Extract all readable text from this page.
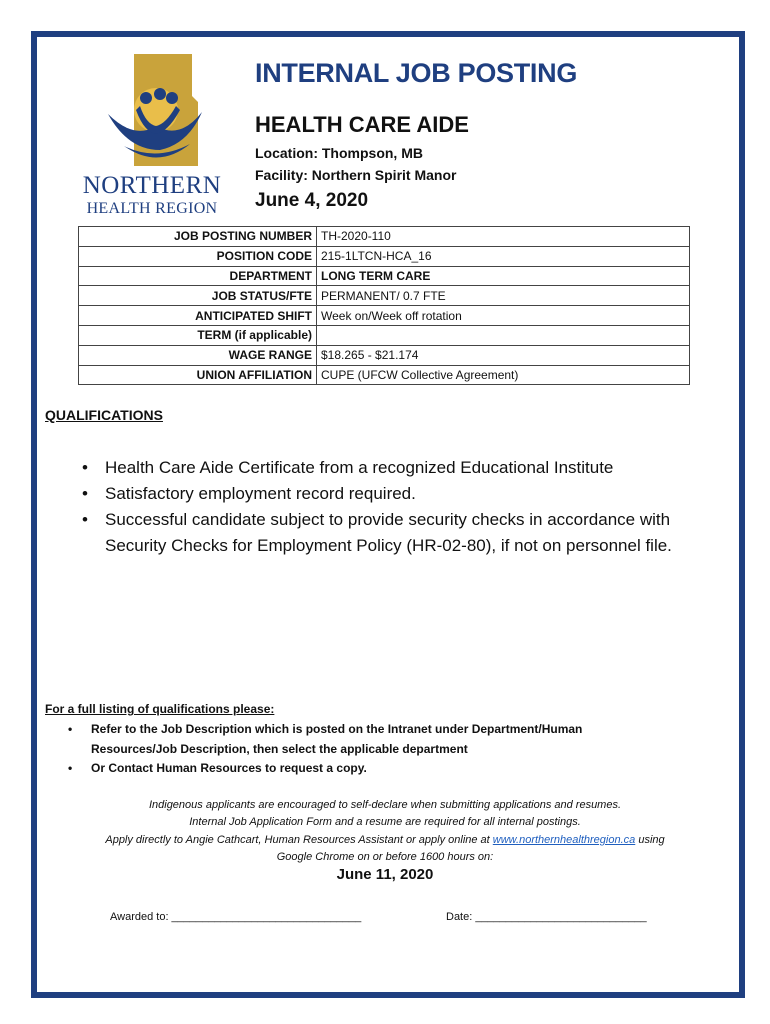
NORTHERN
HEALTH REGION
INTERNAL JOB POSTING
HEALTH CARE AIDE
Location: Thompson, MB
Facility: Northern Spirit Manor
June 4, 2020
JOB POSTING NUMBER	TH-2020-110
POSITION CODE	215-1LTCN-HCA_16
DEPARTMENT	LONG TERM CARE
JOB STATUS/FTE	PERMANENT/ 0.7 FTE
ANTICIPATED SHIFT	Week on/Week off rotation
TERM (if applicable)	
WAGE RANGE	$18.265 - $21.174
UNION AFFILIATION	CUPE (UFCW Collective Agreement)
QUALIFICATIONS
• Health Care Aide Certificate from a recognized Educational Institute
• Satisfactory employment record required.
• Successful candidate subject to provide security checks in accordance with Security Checks for Employment Policy (HR-02-80), if not on personnel file.
For a full listing of qualifications please:
• Refer to the Job Description which is posted on the Intranet under Department/Human Resources/Job Description, then select the applicable department
• Or Contact Human Resources to request a copy.
Indigenous applicants are encouraged to self-declare when submitting applications and resumes.
Internal Job Application Form and a resume are required for all internal postings.
Apply directly to Angie Cathcart, Human Resources Assistant or apply online at www.northernhealthregion.ca using
Google Chrome on or before 1600 hours on:
June 11, 2020
Awarded to: _______________________________	Date: ____________________________
